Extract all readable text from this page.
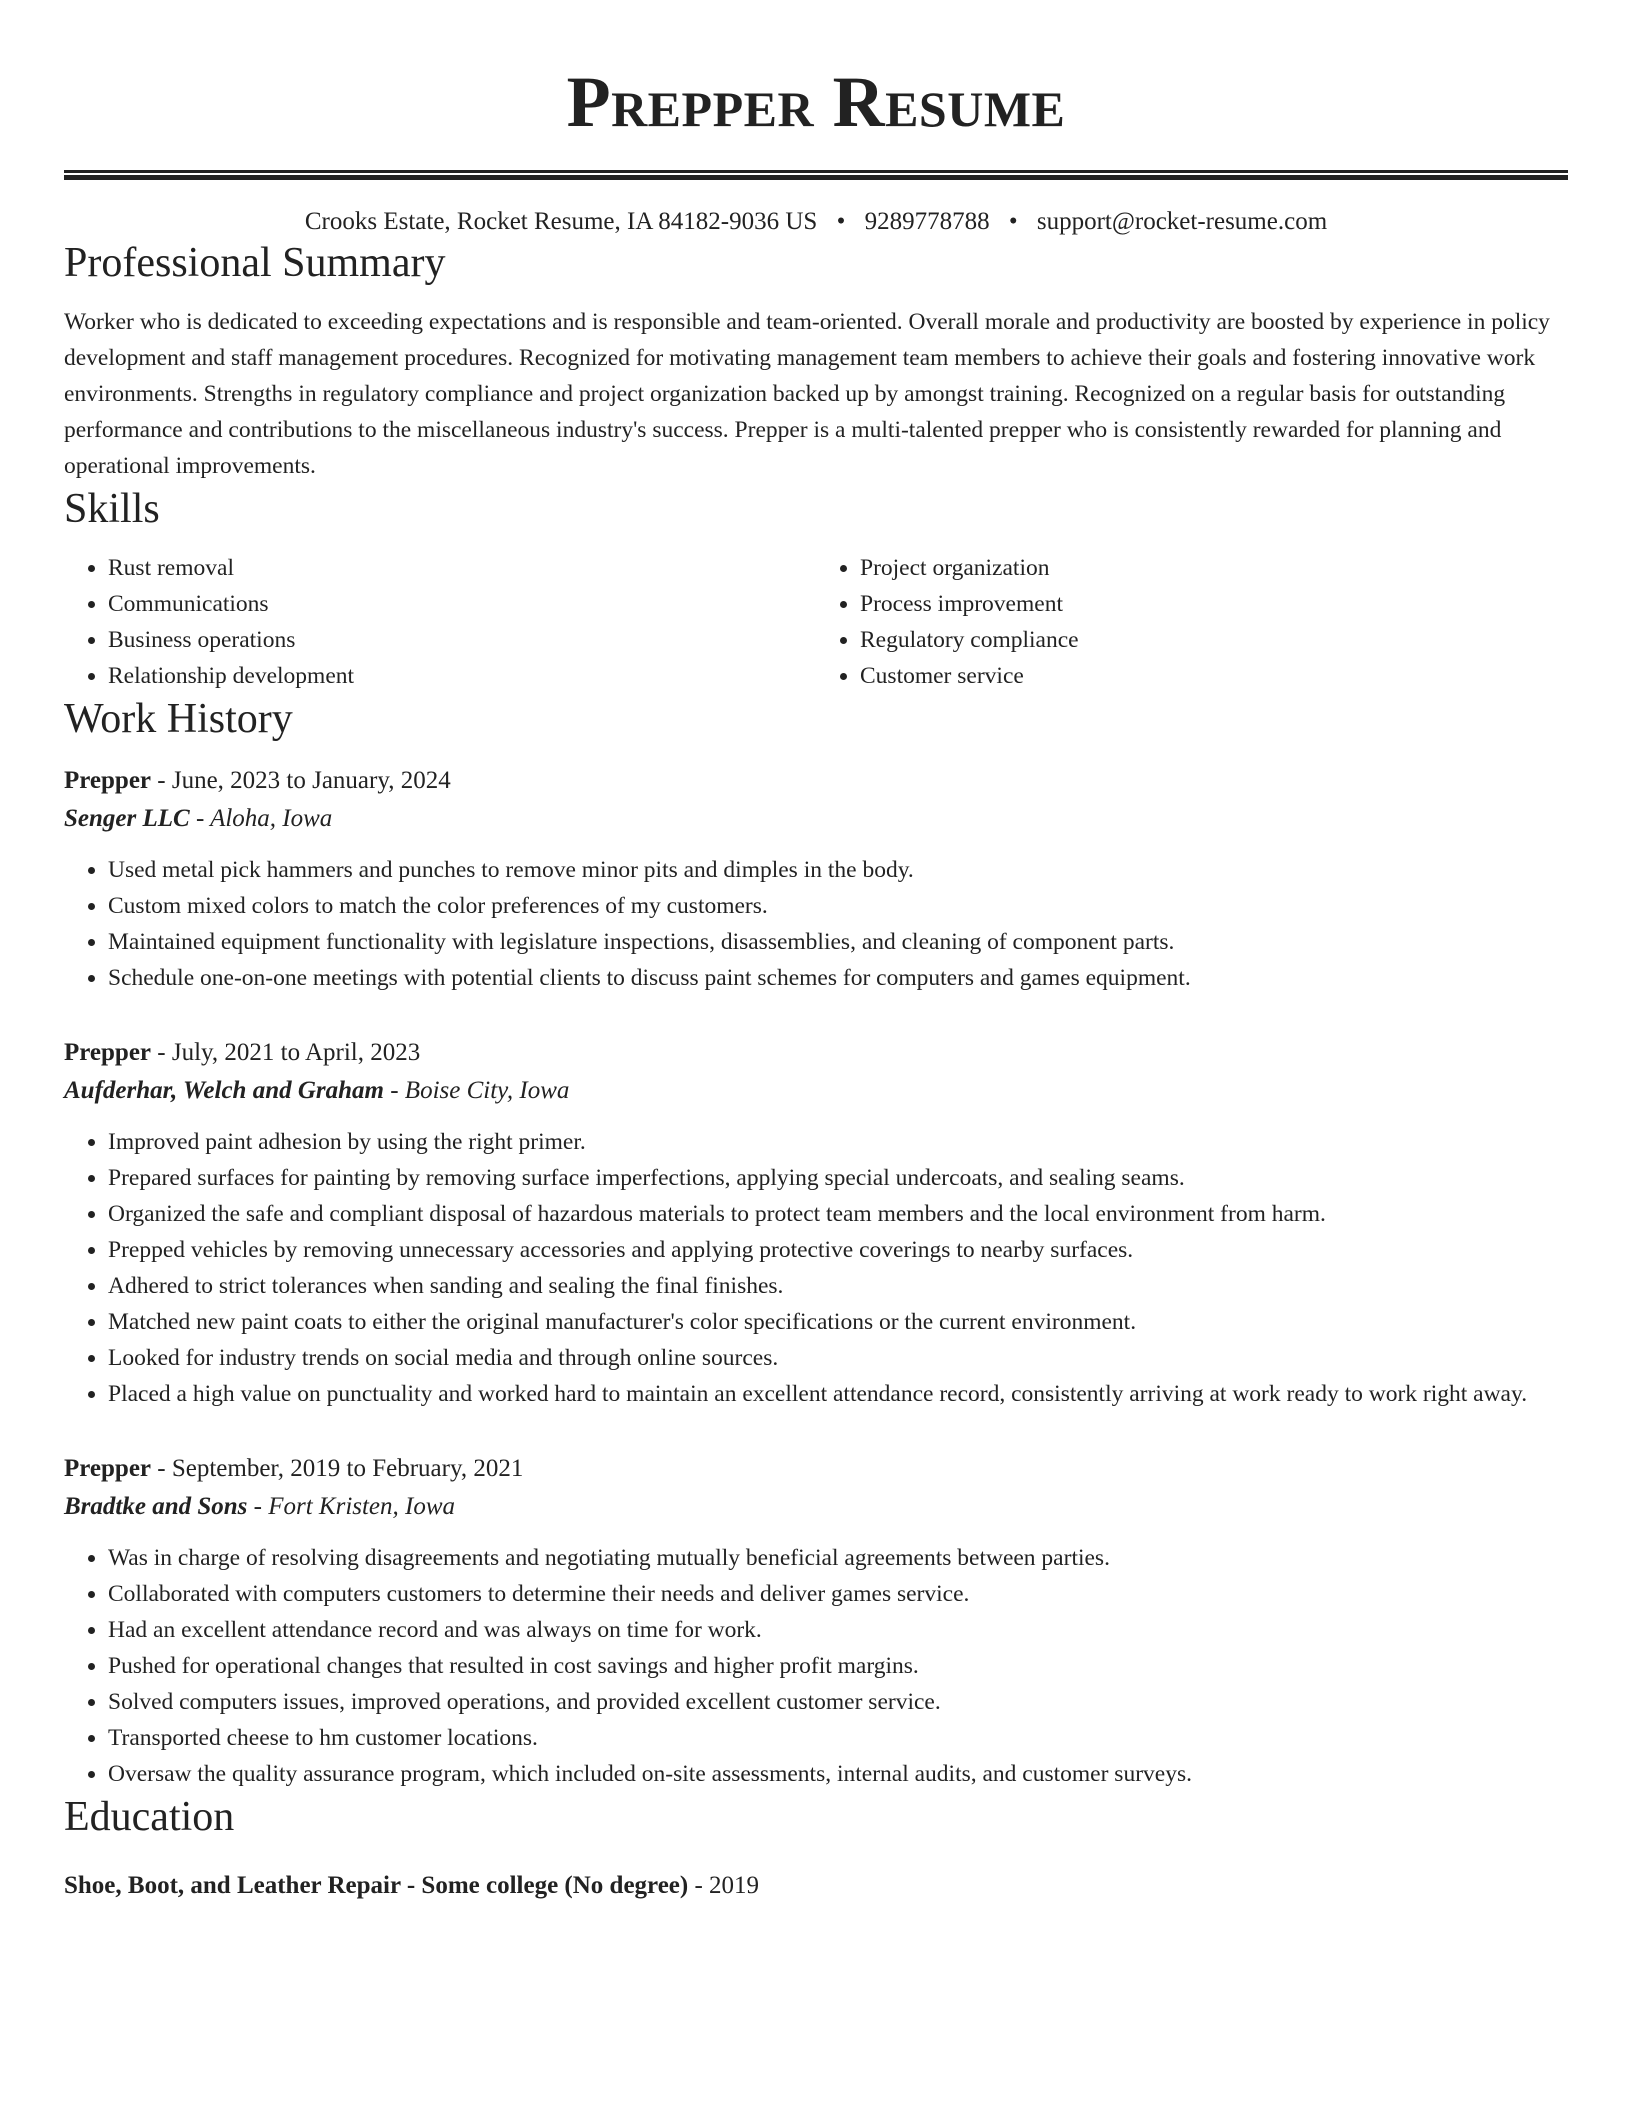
Prepper Resume
Crooks Estate, Rocket Resume, IA 84182-9036 US • 9289778788 • support@rocket-resume.com
Professional Summary

Worker who is dedicated to exceeding expectations and is responsible and team-oriented. Overall morale and productivity are boosted by experience in policy development and staff management procedures. Recognized for motivating management team members to achieve their goals and fostering innovative work environments. Strengths in regulatory compliance and project organization backed up by amongst training. Recognized on a regular basis for outstanding performance and contributions to the miscellaneous industry's success. Prepper is a multi-talented prepper who is consistently rewarded for planning and operational improvements.

Skills
• Rust removal
• Communications
• Business operations
• Relationship development
• Project organization
• Process improvement
• Regulatory compliance
• Customer service
Work History
Prepper - June, 2023 to January, 2024
Senger LLC - Aloha, Iowa
• Used metal pick hammers and punches to remove minor pits and dimples in the body.
• Custom mixed colors to match the color preferences of my customers.
• Maintained equipment functionality with legislature inspections, disassemblies, and cleaning of component parts.
• Schedule one-on-one meetings with potential clients to discuss paint schemes for computers and games equipment.
Prepper - July, 2021 to April, 2023
Aufderhar, Welch and Graham - Boise City, Iowa
• Improved paint adhesion by using the right primer.
• Prepared surfaces for painting by removing surface imperfections, applying special undercoats, and sealing seams.
• Organized the safe and compliant disposal of hazardous materials to protect team members and the local environment from harm.
• Prepped vehicles by removing unnecessary accessories and applying protective coverings to nearby surfaces.
• Adhered to strict tolerances when sanding and sealing the final finishes.
• Matched new paint coats to either the original manufacturer's color specifications or the current environment.
• Looked for industry trends on social media and through online sources.
• Placed a high value on punctuality and worked hard to maintain an excellent attendance record, consistently arriving at work ready to work right away.
Prepper - September, 2019 to February, 2021
Bradtke and Sons - Fort Kristen, Iowa
• Was in charge of resolving disagreements and negotiating mutually beneficial agreements between parties.
• Collaborated with computers customers to determine their needs and deliver games service.
• Had an excellent attendance record and was always on time for work.
• Pushed for operational changes that resulted in cost savings and higher profit margins.
• Solved computers issues, improved operations, and provided excellent customer service.
• Transported cheese to hm customer locations.
• Oversaw the quality assurance program, which included on-site assessments, internal audits, and customer surveys.
Education
Shoe, Boot, and Leather Repair - Some college (No degree) - 2019
